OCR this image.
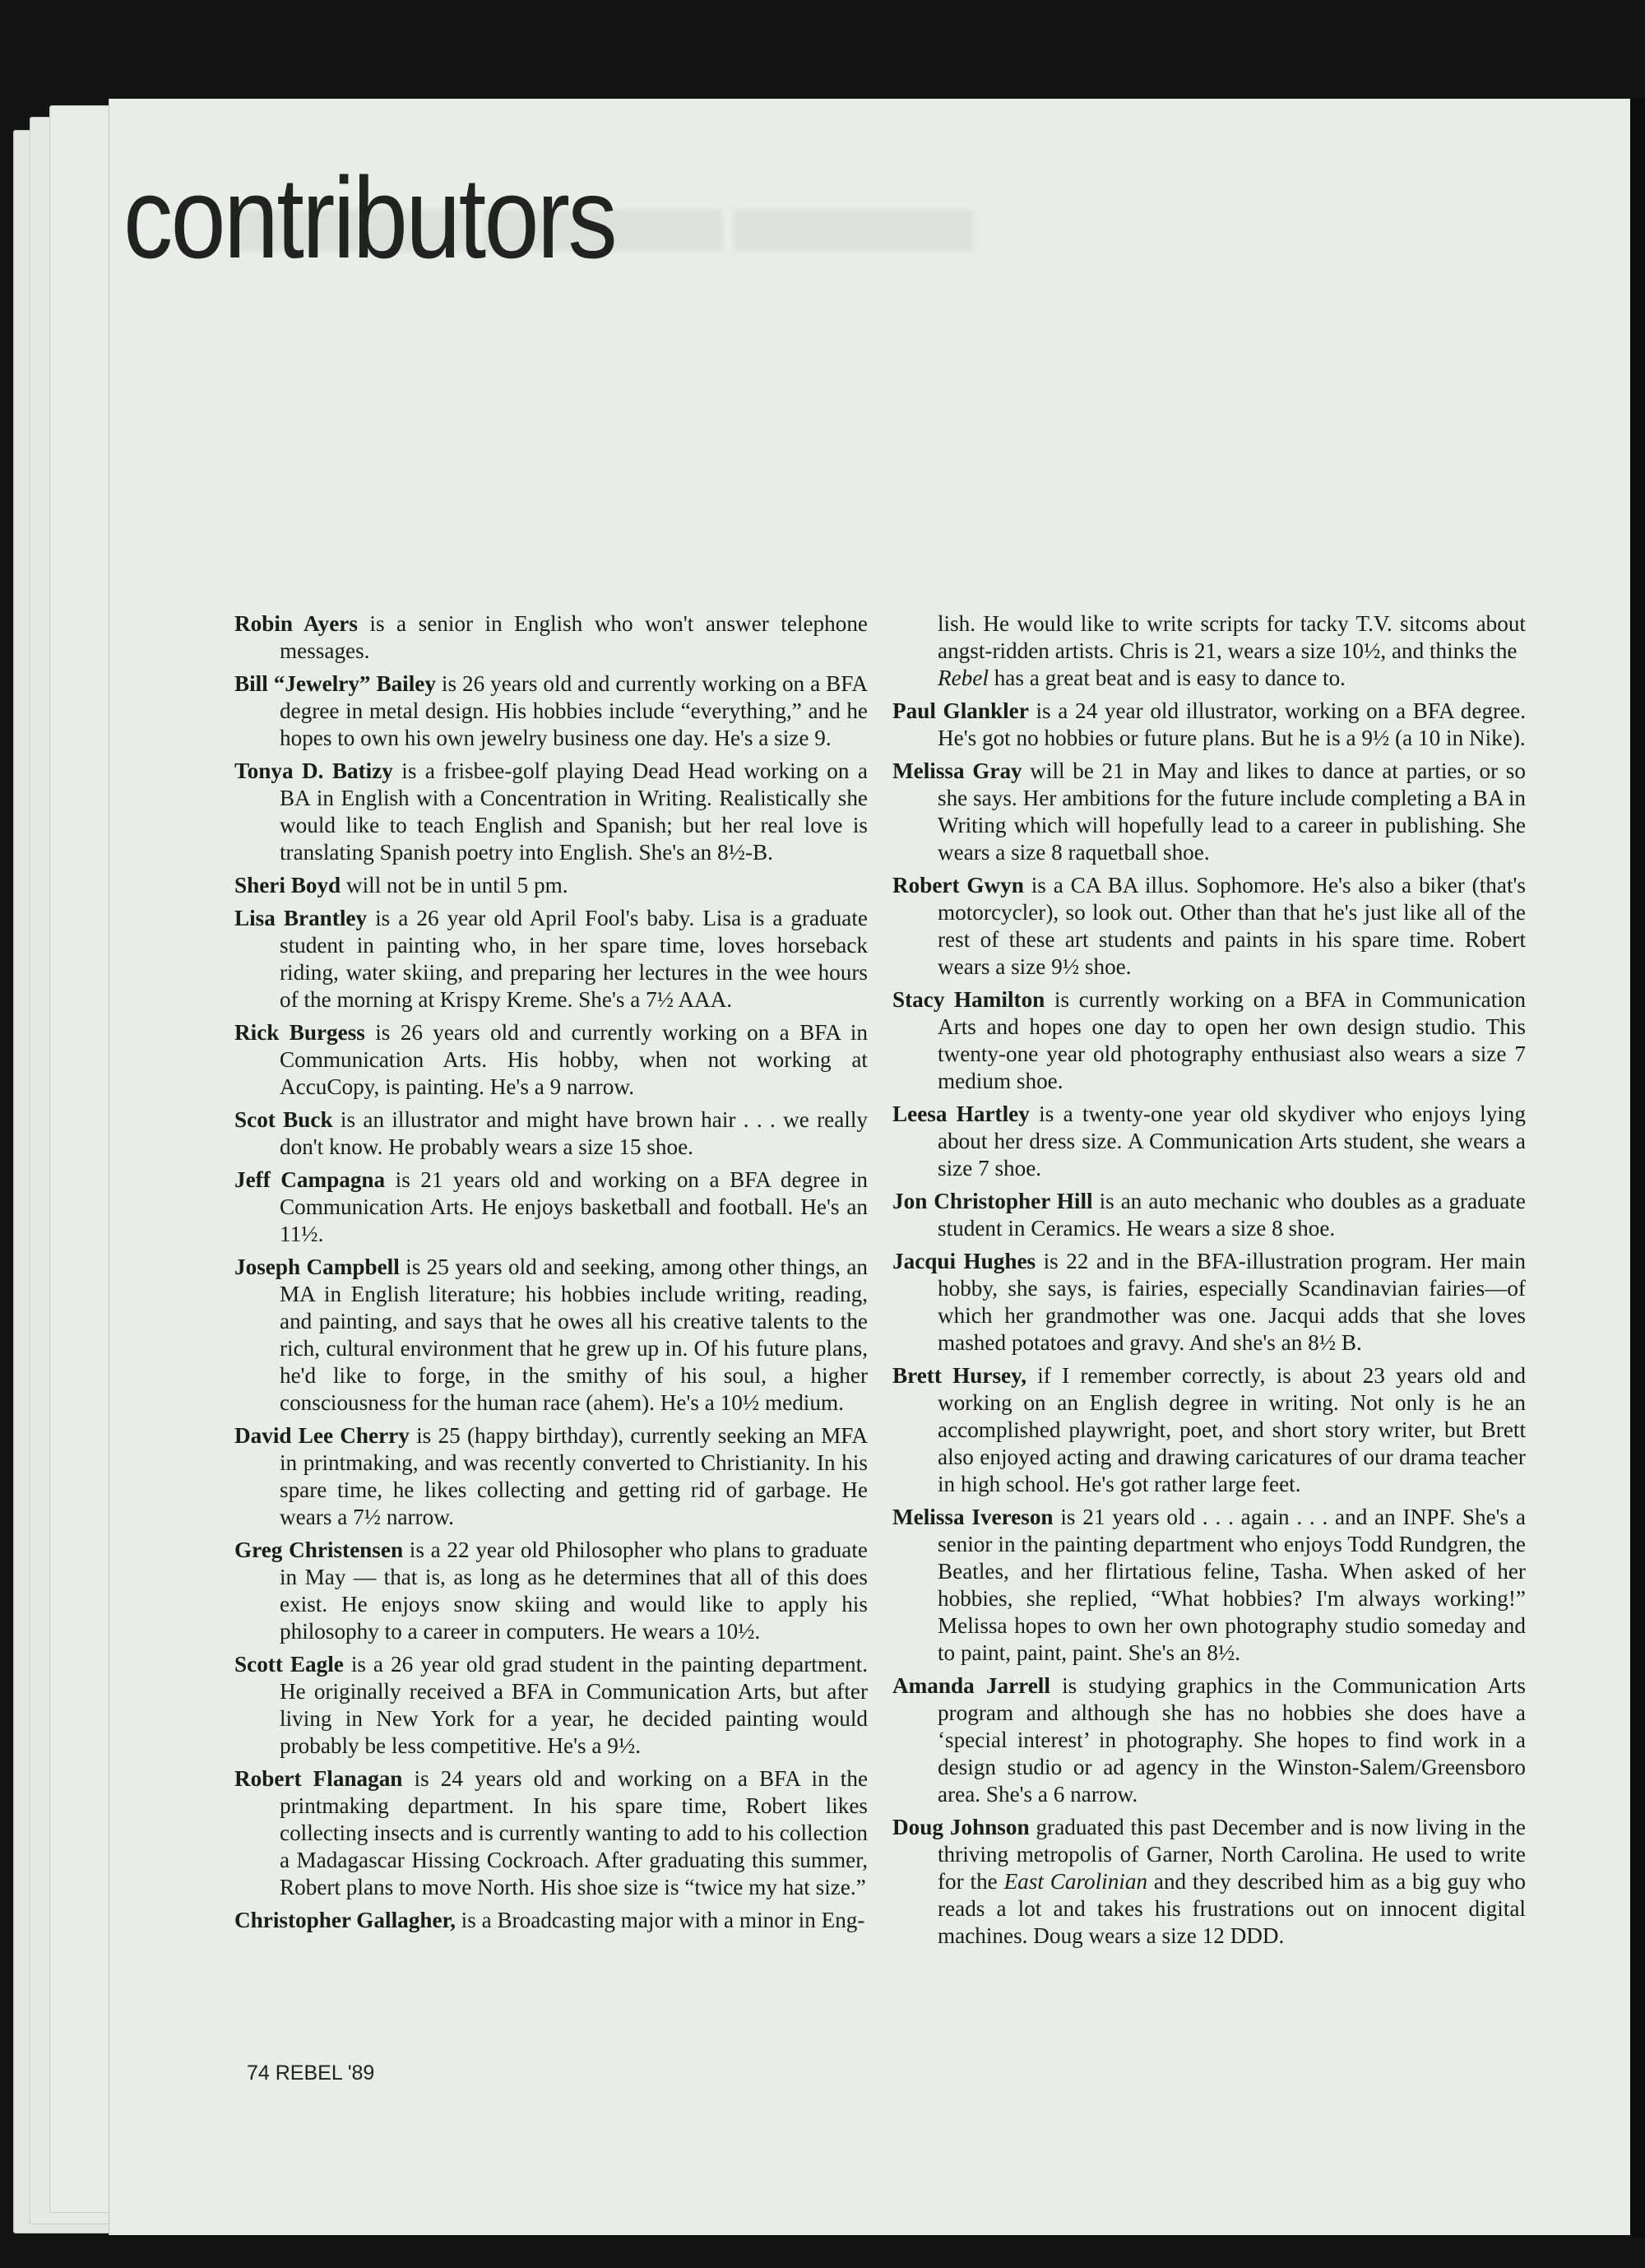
contributors

Robin Ayers is a senior in English who won't answer telephone messages.

Bill “Jewelry” Bailey is 26 years old and currently working on a BFA degree in metal design. His hobbies include “everything,” and he hopes to own his own jewelry business one day. He's a size 9.

Tonya D. Batizy is a frisbee-golf playing Dead Head working on a BA in English with a Concentration in Writing. Realistically she would like to teach English and Spanish; but her real love is translating Spanish poetry into English. She's an 8½-B.

Sheri Boyd will not be in until 5 pm.

Lisa Brantley is a 26 year old April Fool's baby. Lisa is a graduate student in painting who, in her spare time, loves horseback riding, water skiing, and preparing her lectures in the wee hours of the morning at Krispy Kreme. She's a 7½ AAA.

Rick Burgess is 26 years old and currently working on a BFA in Communication Arts. His hobby, when not working at AccuCopy, is painting. He's a 9 narrow.

Scot Buck is an illustrator and might have brown hair . . . we really don't know. He probably wears a size 15 shoe.

Jeff Campagna is 21 years old and working on a BFA degree in Communication Arts. He enjoys basketball and football. He's an 11½.

Joseph Campbell is 25 years old and seeking, among other things, an MA in English literature; his hobbies include writing, reading, and painting, and says that he owes all his creative talents to the rich, cultural environment that he grew up in. Of his future plans, he'd like to forge, in the smithy of his soul, a higher consciousness for the human race (ahem). He's a 10½ medium.

David Lee Cherry is 25 (happy birthday), currently seeking an MFA in printmaking, and was recently converted to Christianity. In his spare time, he likes collecting and getting rid of garbage. He wears a 7½ narrow.

Greg Christensen is a 22 year old Philosopher who plans to graduate in May — that is, as long as he determines that all of this does exist. He enjoys snow skiing and would like to apply his philosophy to a career in computers. He wears a 10½.

Scott Eagle is a 26 year old grad student in the painting department. He originally received a BFA in Communication Arts, but after living in New York for a year, he decided painting would probably be less competitive. He's a 9½.

Robert Flanagan is 24 years old and working on a BFA in the printmaking department. In his spare time, Robert likes collecting insects and is currently wanting to add to his collection a Madagascar Hissing Cockroach. After graduating this summer, Robert plans to move North. His shoe size is “twice my hat size.”

Christopher Gallagher, is a Broadcasting major with a minor in Eng-

lish. He would like to write scripts for tacky T.V. sitcoms about angst-ridden artists. Chris is 21, wears a size 10½, and thinks the
Rebel has a great beat and is easy to dance to.

Paul Glankler is a 24 year old illustrator, working on a BFA degree. He's got no hobbies or future plans. But he is a 9½ (a 10 in Nike).

Melissa Gray will be 21 in May and likes to dance at parties, or so she says. Her ambitions for the future include completing a BA in Writing which will hopefully lead to a career in publishing. She wears a size 8 raquetball shoe.

Robert Gwyn is a CA BA illus. Sophomore. He's also a biker (that's motorcycler), so look out. Other than that he's just like all of the rest of these art students and paints in his spare time. Robert wears a size 9½ shoe.

Stacy Hamilton is currently working on a BFA in Communication Arts and hopes one day to open her own design studio. This twenty-one year old photography enthusiast also wears a size 7 medium shoe.

Leesa Hartley is a twenty-one year old skydiver who enjoys lying about her dress size. A Communication Arts student, she wears a size 7 shoe.

Jon Christopher Hill is an auto mechanic who doubles as a graduate student in Ceramics. He wears a size 8 shoe.

Jacqui Hughes is 22 and in the BFA-illustration program. Her main hobby, she says, is fairies, especially Scandinavian fairies—of which her grandmother was one. Jacqui adds that she loves mashed potatoes and gravy. And she's an 8½ B.

Brett Hursey, if I remember correctly, is about 23 years old and working on an English degree in writing. Not only is he an accomplished playwright, poet, and short story writer, but Brett also enjoyed acting and drawing caricatures of our drama teacher in high school. He's got rather large feet.

Melissa Ivereson is 21 years old . . . again . . . and an INPF. She's a senior in the painting department who enjoys Todd Rundgren, the Beatles, and her flirtatious feline, Tasha. When asked of her hobbies, she replied, “What hobbies? I'm always working!” Melissa hopes to own her own photography studio someday and to paint, paint, paint. She's an 8½.

Amanda Jarrell is studying graphics in the Communication Arts program and although she has no hobbies she does have a ‘special interest’ in photography. She hopes to find work in a design studio or ad agency in the Winston-Salem/Greensboro area. She's a 6 narrow.

Doug Johnson graduated this past December and is now living in the thriving metropolis of Garner, North Carolina. He used to write for the East Carolinian and they described him as a big guy who reads a lot and takes his frustrations out on innocent digital machines. Doug wears a size 12 DDD.

74 REBEL '89
